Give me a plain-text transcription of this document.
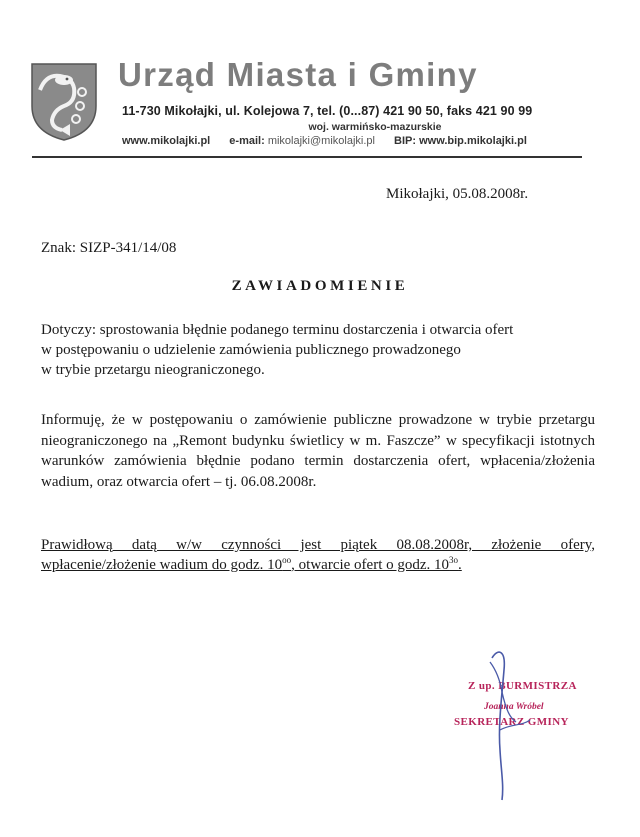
Urząd Miasta i Gminy
11-730 Mikołajki, ul. Kolejowa 7, tel. (0...87) 421 90 50, faks 421 90 99
woj. warmińsko-mazurskie
www.mikolajki.pl e-mail: mikolajki@mikolajki.pl BIP: www.bip.mikolajki.pl
Mikołajki, 05.08.2008r.
Znak: SIZP-341/14/08
ZAWIADOMIENIE
Dotyczy: sprostowania błędnie podanego terminu dostarczenia i otwarcia ofert
w postępowaniu o udzielenie zamówienia publicznego prowadzonego
w trybie przetargu nieograniczonego.
Informuję, że w postępowaniu o zamówienie publiczne prowadzone w trybie przetargu nieograniczonego na „Remont budynku świetlicy w m. Faszcze” w specyfikacji istotnych warunków zamówienia błędnie podano termin dostarczenia ofert, wpłacenia/złożenia wadium, oraz otwarcia ofert – tj. 06.08.2008r.
Prawidłową datą w/w czynności jest piątek 08.08.2008r, złożenie ofery,
wpłacenie/złożenie wadium do godz. $10^{oo}$, otwarcie ofert o godz. $10^{3o}$.
Z up. BURMISTRZA
Joanna Wróbel
SEKRETARZ GMINY
